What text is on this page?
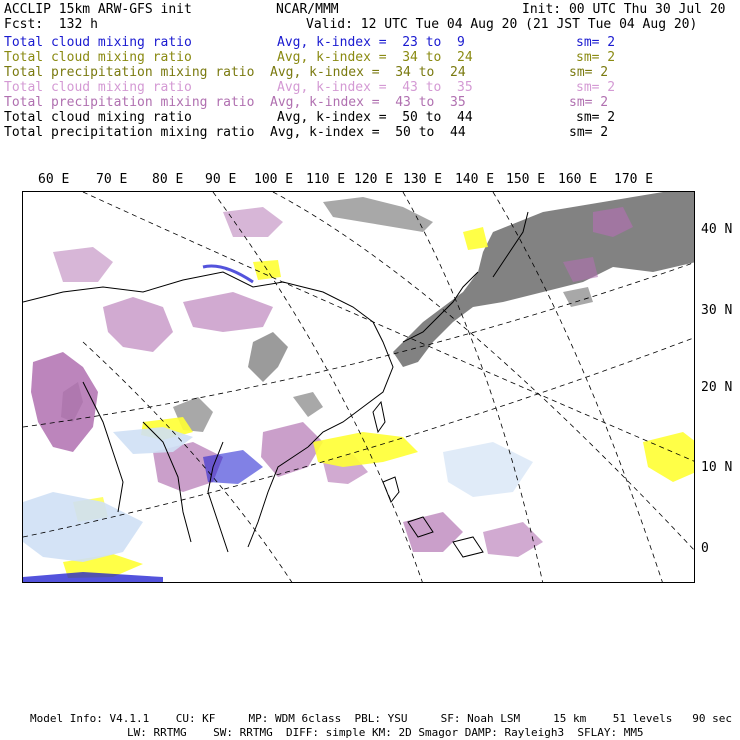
ACCLIP 15km ARW-GFS init	NCAR/MMM	Init: 00 UTC Thu 30 Jul 20
Fcst:  132 h	Valid: 12 UTC Tue 04 Aug 20 (21 JST Tue 04 Aug 20)
Total cloud mixing ratio	Avg, k-index =  23 to  9	sm= 2
Total cloud mixing ratio	Avg, k-index =  34 to  24	sm= 2
Total precipitation mixing ratio Avg, k-index =  34 to  24	sm= 2
Total cloud mixing ratio	Avg, k-index =  43 to  35	sm= 2
Total precipitation mixing ratio Avg, k-index =  43 to  35	sm= 2
Total cloud mixing ratio	Avg, k-index =  50 to  44	sm= 2
Total precipitation mixing ratio Avg, k-index =  50 to  44	sm= 2
60 E 70 E 80 E 90 E 100 E 110 E 120 E 130 E 140 E 150 E 160 E 170 E
40 N
30 N
20 N
10 N
0
Model Info: V4.1.1    CU: KF     MP: WDM 6class  PBL: YSU     SF: Noah LSM     15 km    51 levels   90 sec
LW: RRTMG    SW: RRTMG  DIFF: simple KM: 2D Smagor DAMP: Rayleigh3  SFLAY: MM5
